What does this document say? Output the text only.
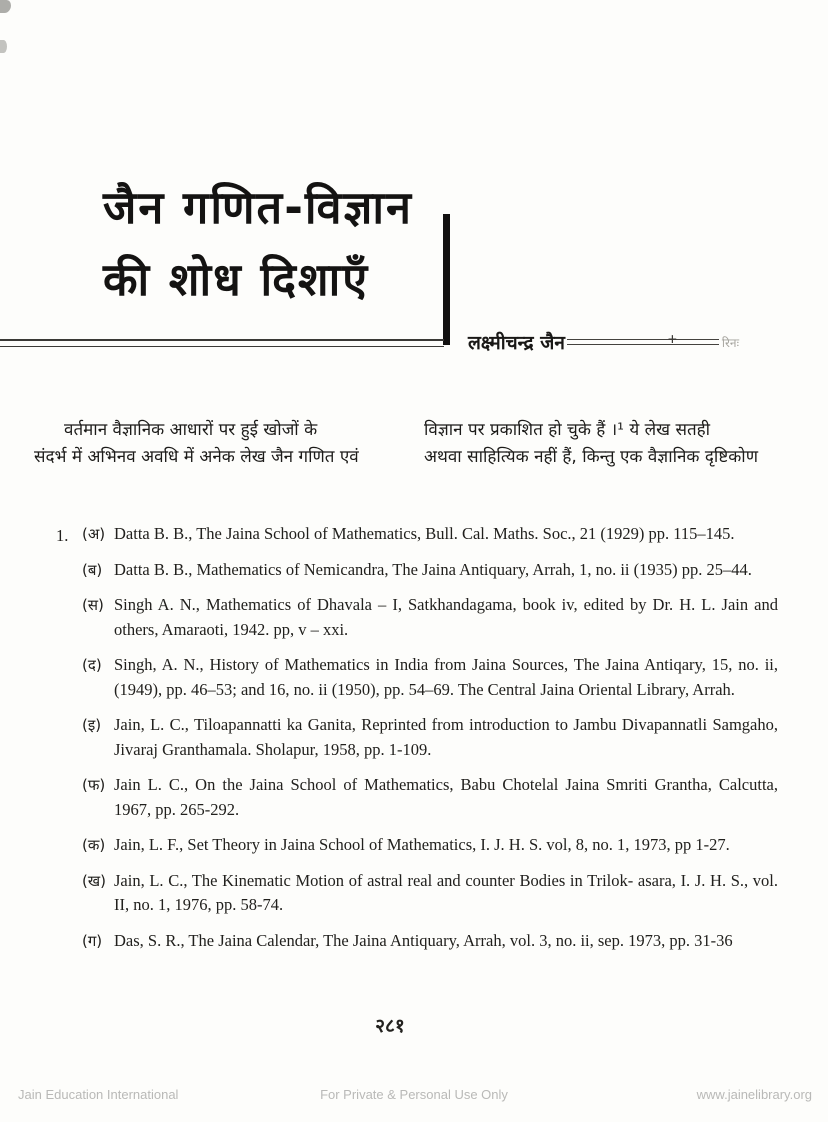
जैन गणित-विज्ञान
की शोध दिशाएँ
लक्ष्मीचन्द्र जैन	+	रिनः
वर्तमान वैज्ञानिक आधारों पर हुई खोजों के
संदर्भ में अभिनव अवधि में अनेक लेख जैन गणित एवं
विज्ञान पर प्रकाशित हो चुके हैं ।¹ ये लेख सतही
अथवा साहित्यिक नहीं हैं, किन्तु एक वैज्ञानिक दृष्टिकोण
1. (अ) Datta B. B., The Jaina School of Mathematics, Bull. Cal. Maths. Soc., 21 (1929) pp. 115–145.
(ब) Datta B. B., Mathematics of Nemicandra, The Jaina Antiquary, Arrah, 1, no. ii (1935) pp. 25–44.
(स) Singh A. N., Mathematics of Dhavala – I, Satkhandagama, book iv, edited by Dr. H. L. Jain and others, Amaraoti, 1942. pp, v – xxi.
(द) Singh, A. N., History of Mathematics in India from Jaina Sources, The Jaina Antiqary, 15, no. ii, (1949), pp. 46–53; and 16, no. ii (1950), pp. 54–69. The Central Jaina Oriental Library, Arrah.
(इ) Jain, L. C., Tiloapannatti ka Ganita, Reprinted from introduction to Jambu Divapannatli Samgaho, Jivaraj Granthamala. Sholapur, 1958, pp. 1-109.
(फ) Jain L. C., On the Jaina School of Mathematics, Babu Chotelal Jaina Smriti Grantha, Calcutta, 1967, pp. 265-292.
(क) Jain, L. F., Set Theory in Jaina School of Mathematics, I. J. H. S. vol, 8, no. 1, 1973, pp 1-27.
(ख) Jain, L. C., The Kinematic Motion of astral real and counter Bodies in Trilok- asara, I. J. H. S., vol. II, no. 1, 1976, pp. 58-74.
(ग) Das, S. R., The Jaina Calendar, The Jaina Antiquary, Arrah, vol. 3, no. ii, sep. 1973, pp. 31-36
२८१
Jain Education International	For Private & Personal Use Only	www.jainelibrary.org
